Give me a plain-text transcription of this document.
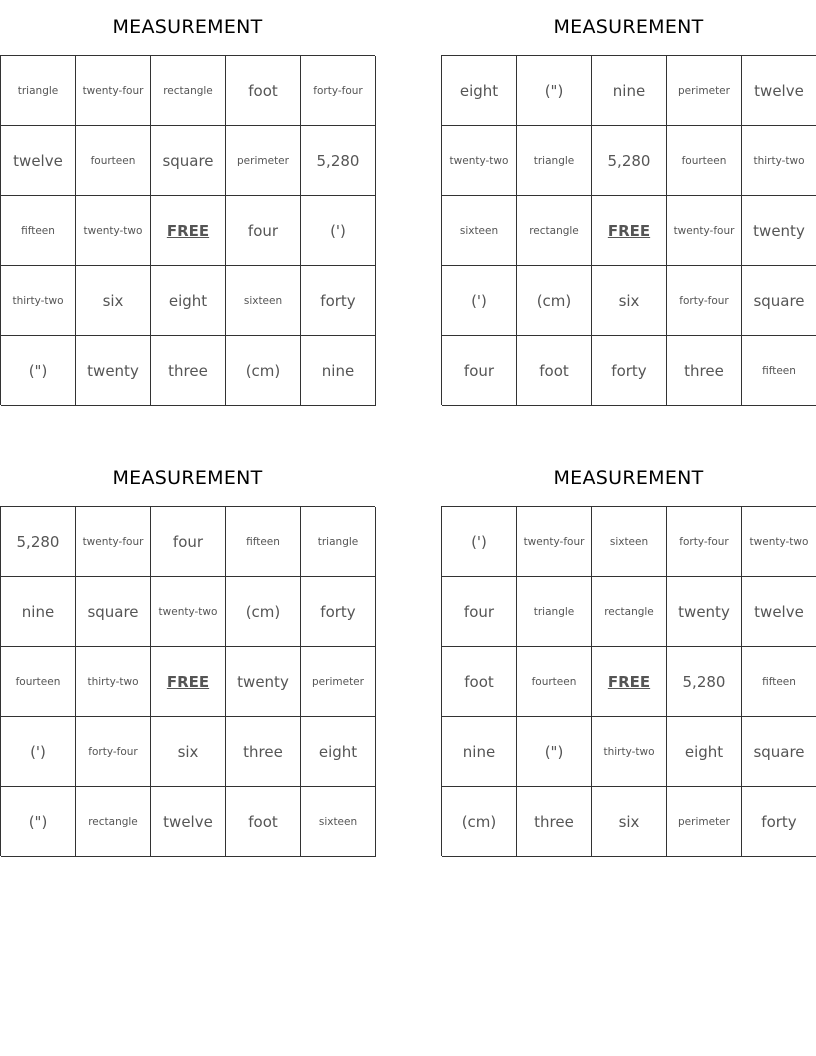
MEASUREMENT
triangle	twenty-four	rectangle	foot	forty-four
twelve	fourteen	square	perimeter	5,280
fifteen	twenty-two	FREE	four	(')
thirty-two	six	eight	sixteen	forty
(")	twenty	three	(cm)	nine
MEASUREMENT
eight	(")	nine	perimeter	twelve
twenty-two	triangle	5,280	fourteen	thirty-two
sixteen	rectangle	FREE	twenty-four	twenty
(')	(cm)	six	forty-four	square
four	foot	forty	three	fifteen
MEASUREMENT
5,280	twenty-four	four	fifteen	triangle
nine	square	twenty-two	(cm)	forty
fourteen	thirty-two	FREE	twenty	perimeter
(')	forty-four	six	three	eight
(")	rectangle	twelve	foot	sixteen
MEASUREMENT
(')	twenty-four	sixteen	forty-four	twenty-two
four	triangle	rectangle	twenty	twelve
foot	fourteen	FREE	5,280	fifteen
nine	(")	thirty-two	eight	square
(cm)	three	six	perimeter	forty
